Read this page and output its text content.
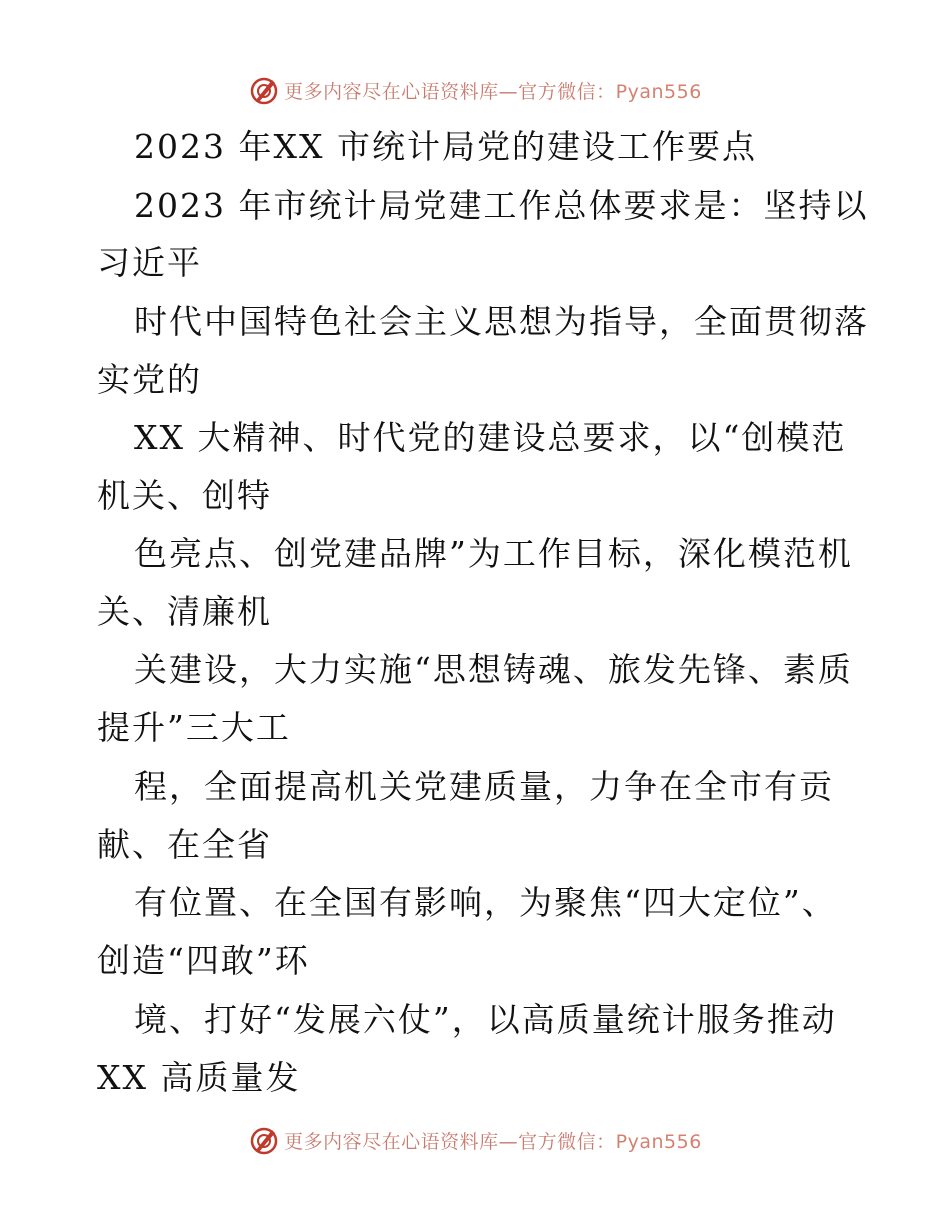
更多内容尽在心语资料库—官方微信：Pyan556
2023 年XX 市统计局党的建设工作要点
2023 年市统计局党建工作总体要求是：坚持以
习近平
时代中国特色社会主义思想为指导，全面贯彻落
实党的
XX 大精神、时代党的建设总要求，以“创模范
机关、创特
色亮点、创党建品牌”为工作目标，深化模范机
关、清廉机
关建设，大力实施“思想铸魂、旅发先锋、素质
提升”三大工
程，全面提高机关党建质量，力争在全市有贡
献、在全省
有位置、在全国有影响，为聚焦“四大定位”、
创造“四敢”环
境、打好“发展六仗”，以高质量统计服务推动
XX 高质量发
更多内容尽在心语资料库—官方微信：Pyan556
